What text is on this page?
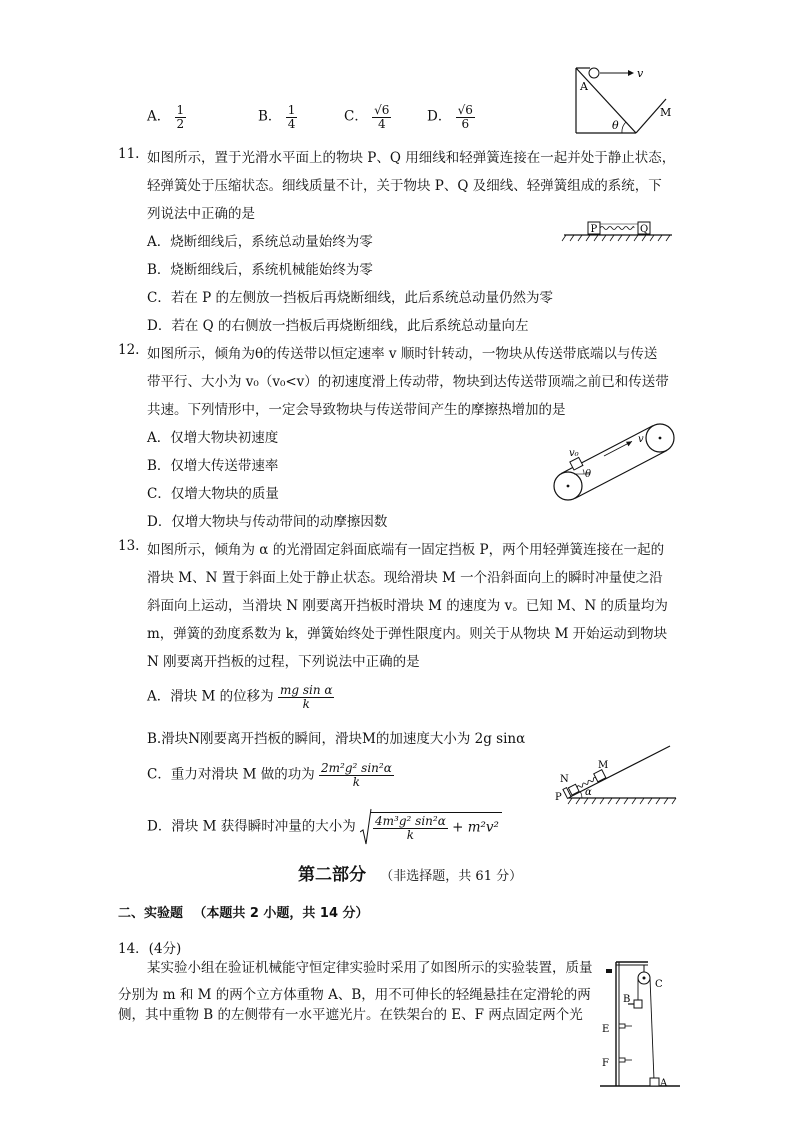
A． $\frac{1}{2}$	B． $\frac{1}{4}$	C． $\frac{√6}{4}$	D． $\frac{√6}{6}$
A
v
θ
M
11. 如图所示，置于光滑水平面上的物块 P、Q 用细线和轻弹簧连接在一起并处于静止状态，
轻弹簧处于压缩状态。细线质量不计，关于物块 P、Q 及细线、轻弹簧组成的系统，下
列说法中正确的是
A．烧断细线后，系统总动量始终为零
B．烧断细线后，系统机械能始终为零
C．若在 P 的左侧放一挡板后再烧断细线，此后系统总动量仍然为零
D．若在 Q 的右侧放一挡板后再烧断细线，此后系统总动量向左
P	Q
12. 如图所示，倾角为θ的传送带以恒定速率 v 顺时针转动，一物块从传送带底端以与传送
带平行、大小为 v₀（v₀<v）的初速度滑上传动带，物块到达传送带顶端之前已和传送带
共速。下列情形中，一定会导致物块与传送带间产生的摩擦热增加的是
A．仅增大物块初速度
B．仅增大传送带速率
C．仅增大物块的质量
D．仅增大物块与传动带间的动摩擦因数
v₀
v
θ
13. 如图所示，倾角为 α 的光滑固定斜面底端有一固定挡板 P，两个用轻弹簧连接在一起的
滑块 M、N 置于斜面上处于静止状态。现给滑块 M 一个沿斜面向上的瞬时冲量使之沿
斜面向上运动，当滑块 N 刚要离开挡板时滑块 M 的速度为 v。已知 M、N 的质量均为
m，弹簧的劲度系数为 k，弹簧始终处于弹性限度内。则关于从物块 M 开始运动到物块
N 刚要离开挡板的过程，下列说法中正确的是
A．滑块 M 的位移为 $\frac{\text{mg sin α}}{k}$
B.滑块N刚要离开挡板的瞬间，滑块M的加速度大小为 2g sinα
C．重力对滑块 M 做的功为 $\frac{\text{2m²g² sin²α}}{k}$
D．滑块 M 获得瞬时冲量的大小为 $\frac{\text{4m³g² sin²α}}{k} + m^2v^2$
N
M
P α
第二部分 （非选择题，共 61 分）
二、实验题 （本题共 2 小题，共 14 分）
14．(4分)
某实验小组在验证机械能守恒定律实验时采用了如图所示的实验装置，质量
分别为 m 和 M 的两个立方体重物 A、B，用不可伸长的轻绳悬挂在定滑轮的两
侧，其中重物 B 的左侧带有一水平遮光片。在铁架台的 E、F 两点固定两个光
B
C
E
F
A
